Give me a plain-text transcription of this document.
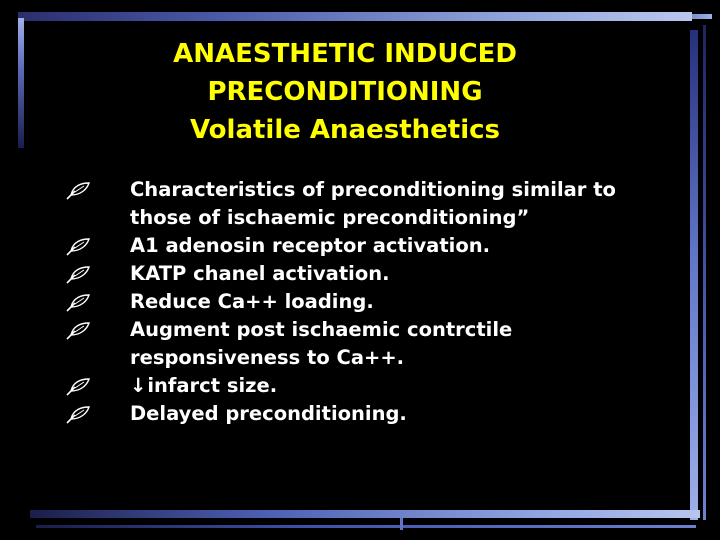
ANAESTHETIC INDUCED
PRECONDITIONING
Volatile Anaesthetics
Characteristics of preconditioning similar to those of ischaemic preconditioning”
A1 adenosin receptor activation.
KATP chanel activation.
Reduce Ca++ loading.
Augment post ischaemic contrctile responsiveness to Ca++.
↓infarct size.
Delayed preconditioning.
